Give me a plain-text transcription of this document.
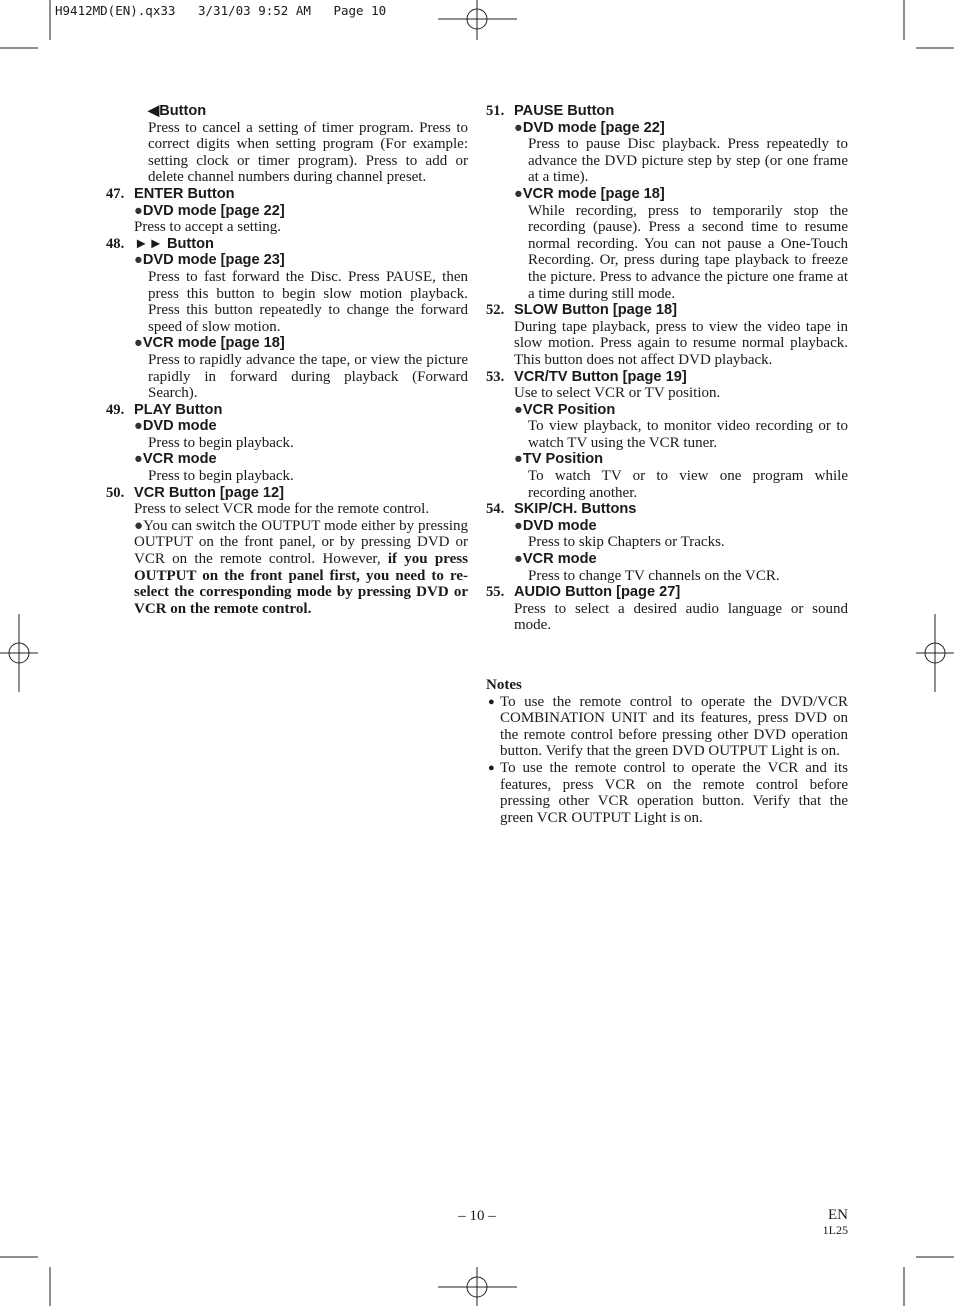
H9412MD(EN).qx33   3/31/03 9:52 AM   Page 10
◀Button
Press to cancel a setting of timer program. Press to correct digits when setting program (For example: setting clock or timer program). Press to add or delete channel numbers during channel preset.
47. ENTER Button
●DVD mode [page 22]
Press to accept a setting.
48. ►► Button
●DVD mode [page 23]
Press to fast forward the Disc. Press PAUSE, then press this button to begin slow motion playback. Press this button repeatedly to change the forward speed of slow motion.
●VCR mode [page 18]
Press to rapidly advance the tape, or view the picture rapidly in forward during playback (Forward Search).
49. PLAY Button
●DVD mode
Press to begin playback.
●VCR mode
Press to begin playback.
50. VCR Button [page 12]
Press to select VCR mode for the remote control.
●You can switch the OUTPUT mode either by pressing OUTPUT on the front panel, or by pressing DVD or VCR on the remote control. However, if you press OUTPUT on the front panel first, you need to re-select the corresponding mode by pressing DVD or VCR on the remote control.
51. PAUSE Button
●DVD mode [page 22]
Press to pause Disc playback. Press repeatedly to advance the DVD picture step by step (or one frame at a time).
●VCR mode [page 18]
While recording, press to temporarily stop the recording (pause). Press a second time to resume normal recording. You can not pause a One-Touch Recording. Or, press during tape playback to freeze the picture. Press to advance the picture one frame at a time during still mode.
52. SLOW Button [page 18]
During tape playback, press to view the video tape in slow motion. Press again to resume normal playback. This button does not affect DVD playback.
53. VCR/TV Button [page 19]
Use to select VCR or TV position.
●VCR Position
To view playback, to monitor video recording or to watch TV using the VCR tuner.
●TV Position
To watch TV or to view one program while recording another.
54. SKIP/CH. Buttons
●DVD mode
Press to skip Chapters or Tracks.
●VCR mode
Press to change TV channels on the VCR.
55. AUDIO Button [page 27]
Press to select a desired audio language or sound mode.
Notes
● To use the remote control to operate the DVD/VCR COMBINATION UNIT and its features, press DVD on the remote control before pressing other DVD operation button. Verify that the green DVD OUTPUT Light is on.
● To use the remote control to operate the VCR and its features, press VCR on the remote control before pressing other VCR operation button. Verify that the green VCR OUTPUT Light is on.
– 10 –	EN
1L25
